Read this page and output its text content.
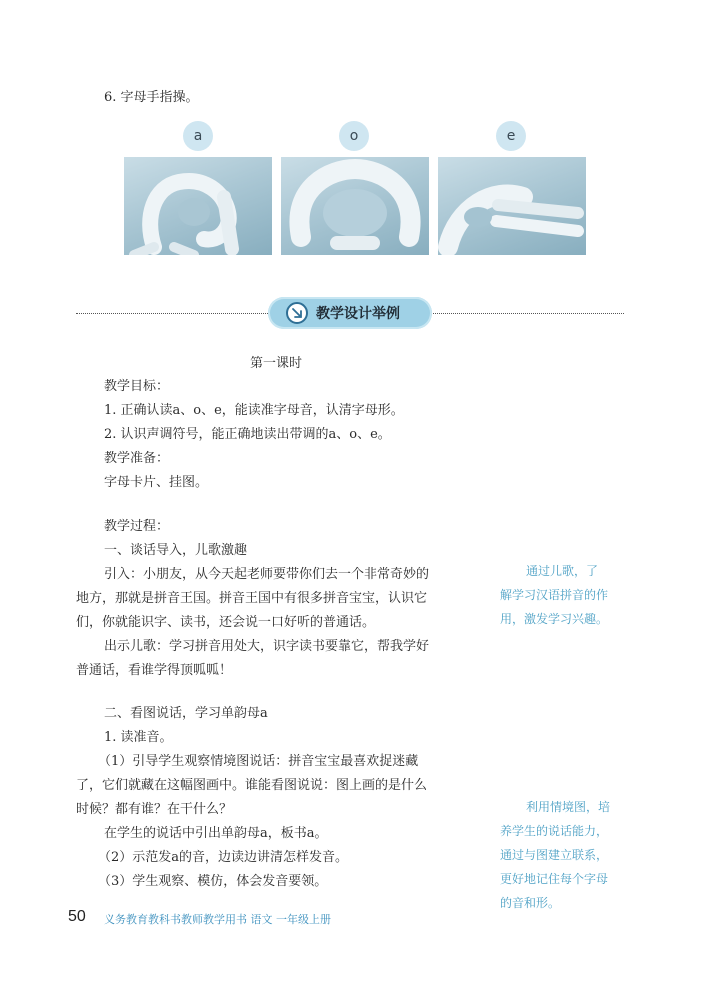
6. 字母手指操。
a	o	e
教学设计举例
第一课时
教学目标：
1. 正确认读a、o、e，能读准字母音，认清字母形。
2. 认识声调符号，能正确地读出带调的a、o、e。
教学准备：
字母卡片、挂图。
教学过程：
一、谈话导入，儿歌激趣
引入：小朋友，从今天起老师要带你们去一个非常奇妙的
地方，那就是拼音王国。拼音王国中有很多拼音宝宝，认识它
们，你就能识字、读书，还会说一口好听的普通话。
出示儿歌：学习拼音用处大，识字读书要靠它，帮我学好
普通话，看谁学得顶呱呱！
二、看图说话，学习单韵母a
1. 读准音。
（1）引导学生观察情境图说话：拼音宝宝最喜欢捉迷藏
了，它们就藏在这幅图画中。谁能看图说说：图上画的是什么
时候？都有谁？在干什么？
在学生的说话中引出单韵母a，板书a。
（2）示范发a的音，边读边讲清怎样发音。
（3）学生观察、模仿，体会发音要领。
通过儿歌，了
解学习汉语拼音的作
用，激发学习兴趣。
利用情境图，培
养学生的说话能力，
通过与图建立联系，
更好地记住每个字母
的音和形。
50 义务教育教科书教师教学用书 语文 一年级上册
